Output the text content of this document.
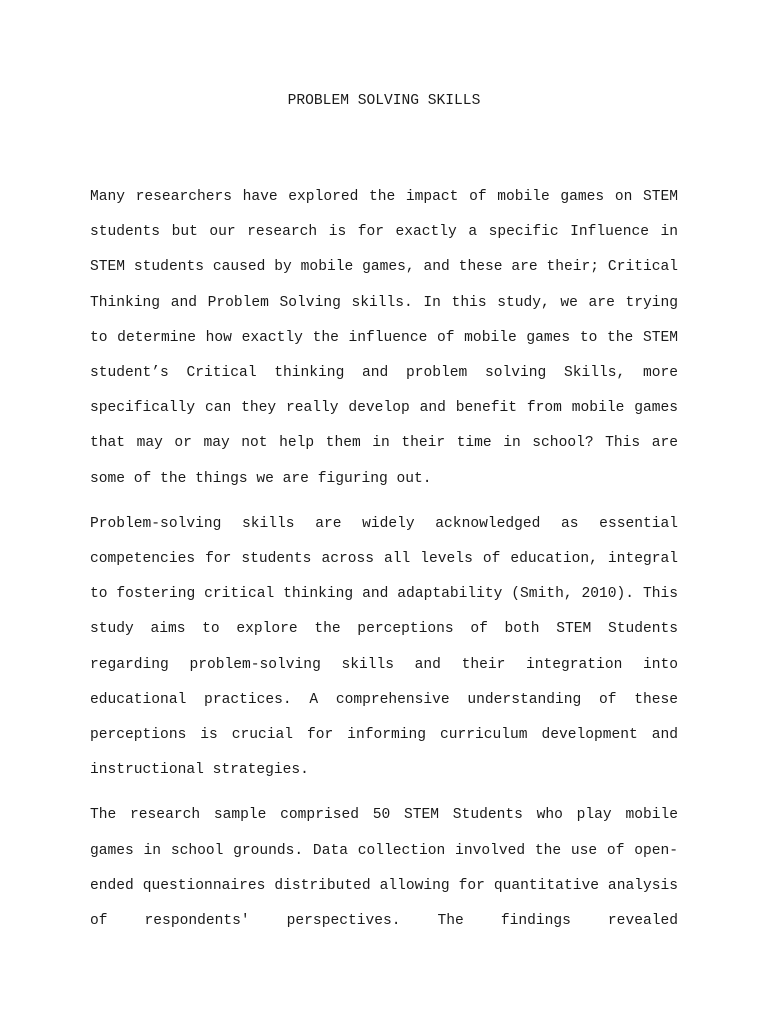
PROBLEM SOLVING SKILLS

Many researchers have explored the impact of mobile games on STEM students but our research is for exactly a specific Influence in STEM students caused by mobile games, and these are their; Critical Thinking and Problem Solving skills. In this study, we are trying to determine how exactly the influence of mobile games to the STEM student’s Critical thinking and problem solving Skills, more specifically can they really develop and benefit from mobile games that may or may not help them in their time in school? This are some of the things we are figuring out.

Problem-solving skills are widely acknowledged as essential competencies for students across all levels of education, integral to fostering critical thinking and adaptability (Smith, 2010). This study aims to explore the perceptions of both STEM Students regarding problem-solving skills and their integration into educational practices. A comprehensive understanding of these perceptions is crucial for informing curriculum development and instructional strategies.

The research sample comprised 50 STEM Students who play mobile games in school grounds. Data collection involved the use of open-ended questionnaires distributed allowing for quantitative analysis of respondents' perspectives. The findings revealed
